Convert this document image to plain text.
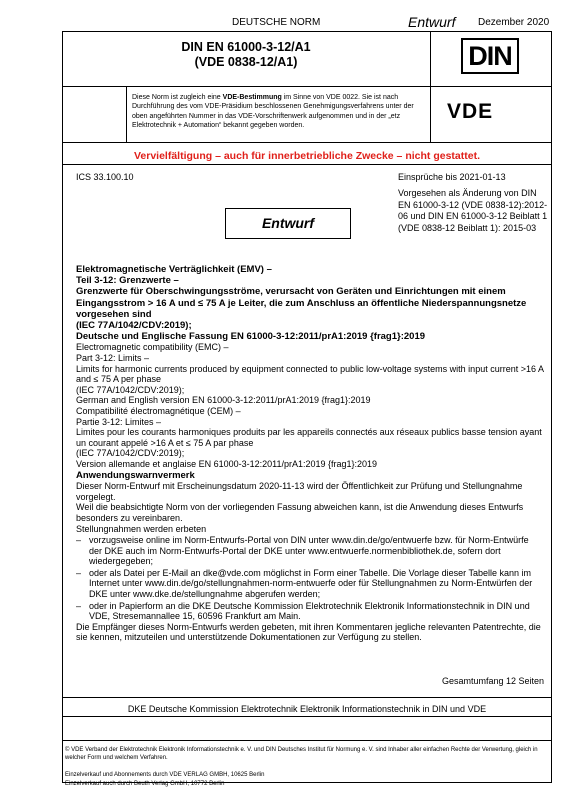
DEUTSCHE NORM	Entwurf Dezember 2020
DIN EN 61000-3-12/A1
(VDE 0838-12/A1)	DIN
Diese Norm ist zugleich eine VDE-Bestimmung im Sinne von VDE 0022. Sie ist nach Durchführung des vom VDE-Präsidium beschlossenen Genehmigungsverfahrens unter der oben angeführten Nummer in das VDE-Vorschriftenwerk aufgenommen und in der „etz Elektrotechnik + Automation“ bekannt gegeben worden.
VDE
Vervielfältigung – auch für innerbetriebliche Zwecke – nicht gestattet.
ICS 33.100.10	Einsprüche bis 2021-01-13
Vorgesehen als Änderung von DIN EN 61000-3-12 (VDE 0838-12):2012-06 und DIN EN 61000-3-12 Beiblatt 1 (VDE 0838-12 Beiblatt 1): 2015-03
Entwurf
Elektromagnetische Verträglichkeit (EMV) –
Teil 3-12: Grenzwerte –
Grenzwerte für Oberschwingungsströme, verursacht von Geräten und Einrichtungen mit einem Eingangsstrom > 16 A und ≤ 75 A je Leiter, die zum Anschluss an öffentliche Niederspannungsnetze vorgesehen sind
(IEC 77A/1042/CDV:2019);
Deutsche und Englische Fassung EN 61000-3-12:2011/prA1:2019 {frag1}:2019
Electromagnetic compatibility (EMC) –
Part 3-12: Limits –
Limits for harmonic currents produced by equipment connected to public low-voltage systems with input current >16 A and ≤ 75 A per phase
(IEC 77A/1042/CDV:2019);
German and English version EN 61000-3-12:2011/prA1:2019 {frag1}:2019
Compatibilité électromagnétique (CEM) –
Partie 3-12: Limites –
Limites pour les courants harmoniques produits par les appareils connectés aux réseaux publics basse tension ayant un courant appelé >16 A et ≤ 75 A par phase
(IEC 77A/1042/CDV:2019);
Version allemande et anglaise EN 61000-3-12:2011/prA1:2019 {frag1}:2019
Anwendungswarnvermerk
Dieser Norm-Entwurf mit Erscheinungsdatum 2020-11-13 wird der Öffentlichkeit zur Prüfung und Stellungnahme vorgelegt.
Weil die beabsichtigte Norm von der vorliegenden Fassung abweichen kann, ist die Anwendung dieses Entwurfs besonders zu vereinbaren.
Stellungnahmen werden erbeten
– vorzugsweise online im Norm-Entwurfs-Portal von DIN unter www.din.de/go/entwuerfe bzw. für Norm-Entwürfe der DKE auch im Norm-Entwurfs-Portal der DKE unter www.entwuerfe.normenbibliothek.de, sofern dort wiedergegeben;
– oder als Datei per E-Mail an dke@vde.com möglichst in Form einer Tabelle. Die Vorlage dieser Tabelle kann im Internet unter www.din.de/go/stellungnahmen-norm-entwuerfe oder für Stellungnahmen zu Norm-Entwürfen der DKE unter www.dke.de/stellungnahme abgerufen werden;
– oder in Papierform an die DKE Deutsche Kommission Elektrotechnik Elektronik Informationstechnik in DIN und VDE, Stresemannallee 15, 60596 Frankfurt am Main.
Die Empfänger dieses Norm-Entwurfs werden gebeten, mit ihren Kommentaren jegliche relevanten Patentrechte, die sie kennen, mitzuteilen und unterstützende Dokumentationen zur Verfügung zu stellen.
Gesamtumfang 12 Seiten
DKE Deutsche Kommission Elektrotechnik Elektronik Informationstechnik in DIN und VDE
© VDE Verband der Elektrotechnik Elektronik Informationstechnik e. V. und DIN Deutsches Institut für Normung e. V. sind Inhaber aller einfachen Rechte der Verwertung, gleich in welcher Form und welchem Verfahren.
Einzelverkauf und Abonnements durch VDE VERLAG GMBH, 10625 Berlin
Einzelverkauf auch durch Beuth Verlag GmbH, 10772 Berlin
